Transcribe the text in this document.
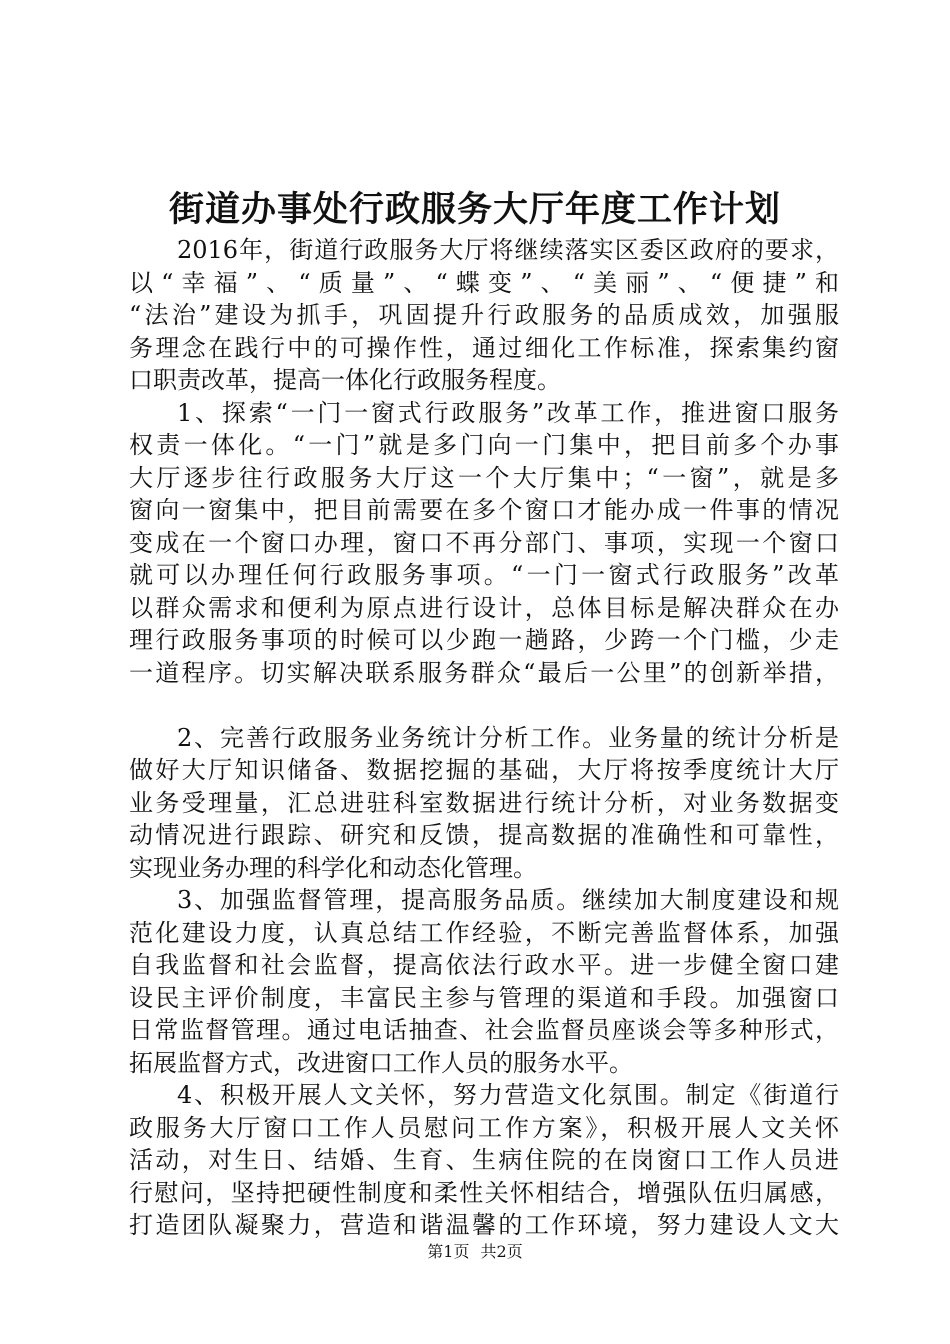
街道办事处行政服务大厅年度工作计划
2016年，街道行政服务大厅将继续落实区委区政府的要求，
以“幸福”、“质量”、“蝶变”、“美丽”、“便捷”和
“法治”建设为抓手，巩固提升行政服务的品质成效，加强服
务理念在践行中的可操作性，通过细化工作标准，探索集约窗
口职责改革，提高一体化行政服务程度。
1、探索“一门一窗式行政服务”改革工作，推进窗口服务
权责一体化。“一门”就是多门向一门集中，把目前多个办事
大厅逐步往行政服务大厅这一个大厅集中；“一窗”，就是多
窗向一窗集中，把目前需要在多个窗口才能办成一件事的情况
变成在一个窗口办理，窗口不再分部门、事项，实现一个窗口
就可以办理任何行政服务事项。“一门一窗式行政服务”改革
以群众需求和便利为原点进行设计，总体目标是解决群众在办
理行政服务事项的时候可以少跑一趟路，少跨一个门槛，少走
一道程序。切实解决联系服务群众“最后一公里”的创新举措，
2、完善行政服务业务统计分析工作。业务量的统计分析是
做好大厅知识储备、数据挖掘的基础，大厅将按季度统计大厅
业务受理量，汇总进驻科室数据进行统计分析，对业务数据变
动情况进行跟踪、研究和反馈，提高数据的准确性和可靠性，
实现业务办理的科学化和动态化管理。
3、加强监督管理，提高服务品质。继续加大制度建设和规
范化建设力度，认真总结工作经验，不断完善监督体系，加强
自我监督和社会监督，提高依法行政水平。进一步健全窗口建
设民主评价制度，丰富民主参与管理的渠道和手段。加强窗口
日常监督管理。通过电话抽查、社会监督员座谈会等多种形式，
拓展监督方式，改进窗口工作人员的服务水平。
4、积极开展人文关怀，努力营造文化氛围。制定《街道行
政服务大厅窗口工作人员慰问工作方案》，积极开展人文关怀
活动，对生日、结婚、生育、生病住院的在岗窗口工作人员进
行慰问，坚持把硬性制度和柔性关怀相结合，增强队伍归属感，
打造团队凝聚力，营造和谐温馨的工作环境，努力建设人文大
第1页 共2页
